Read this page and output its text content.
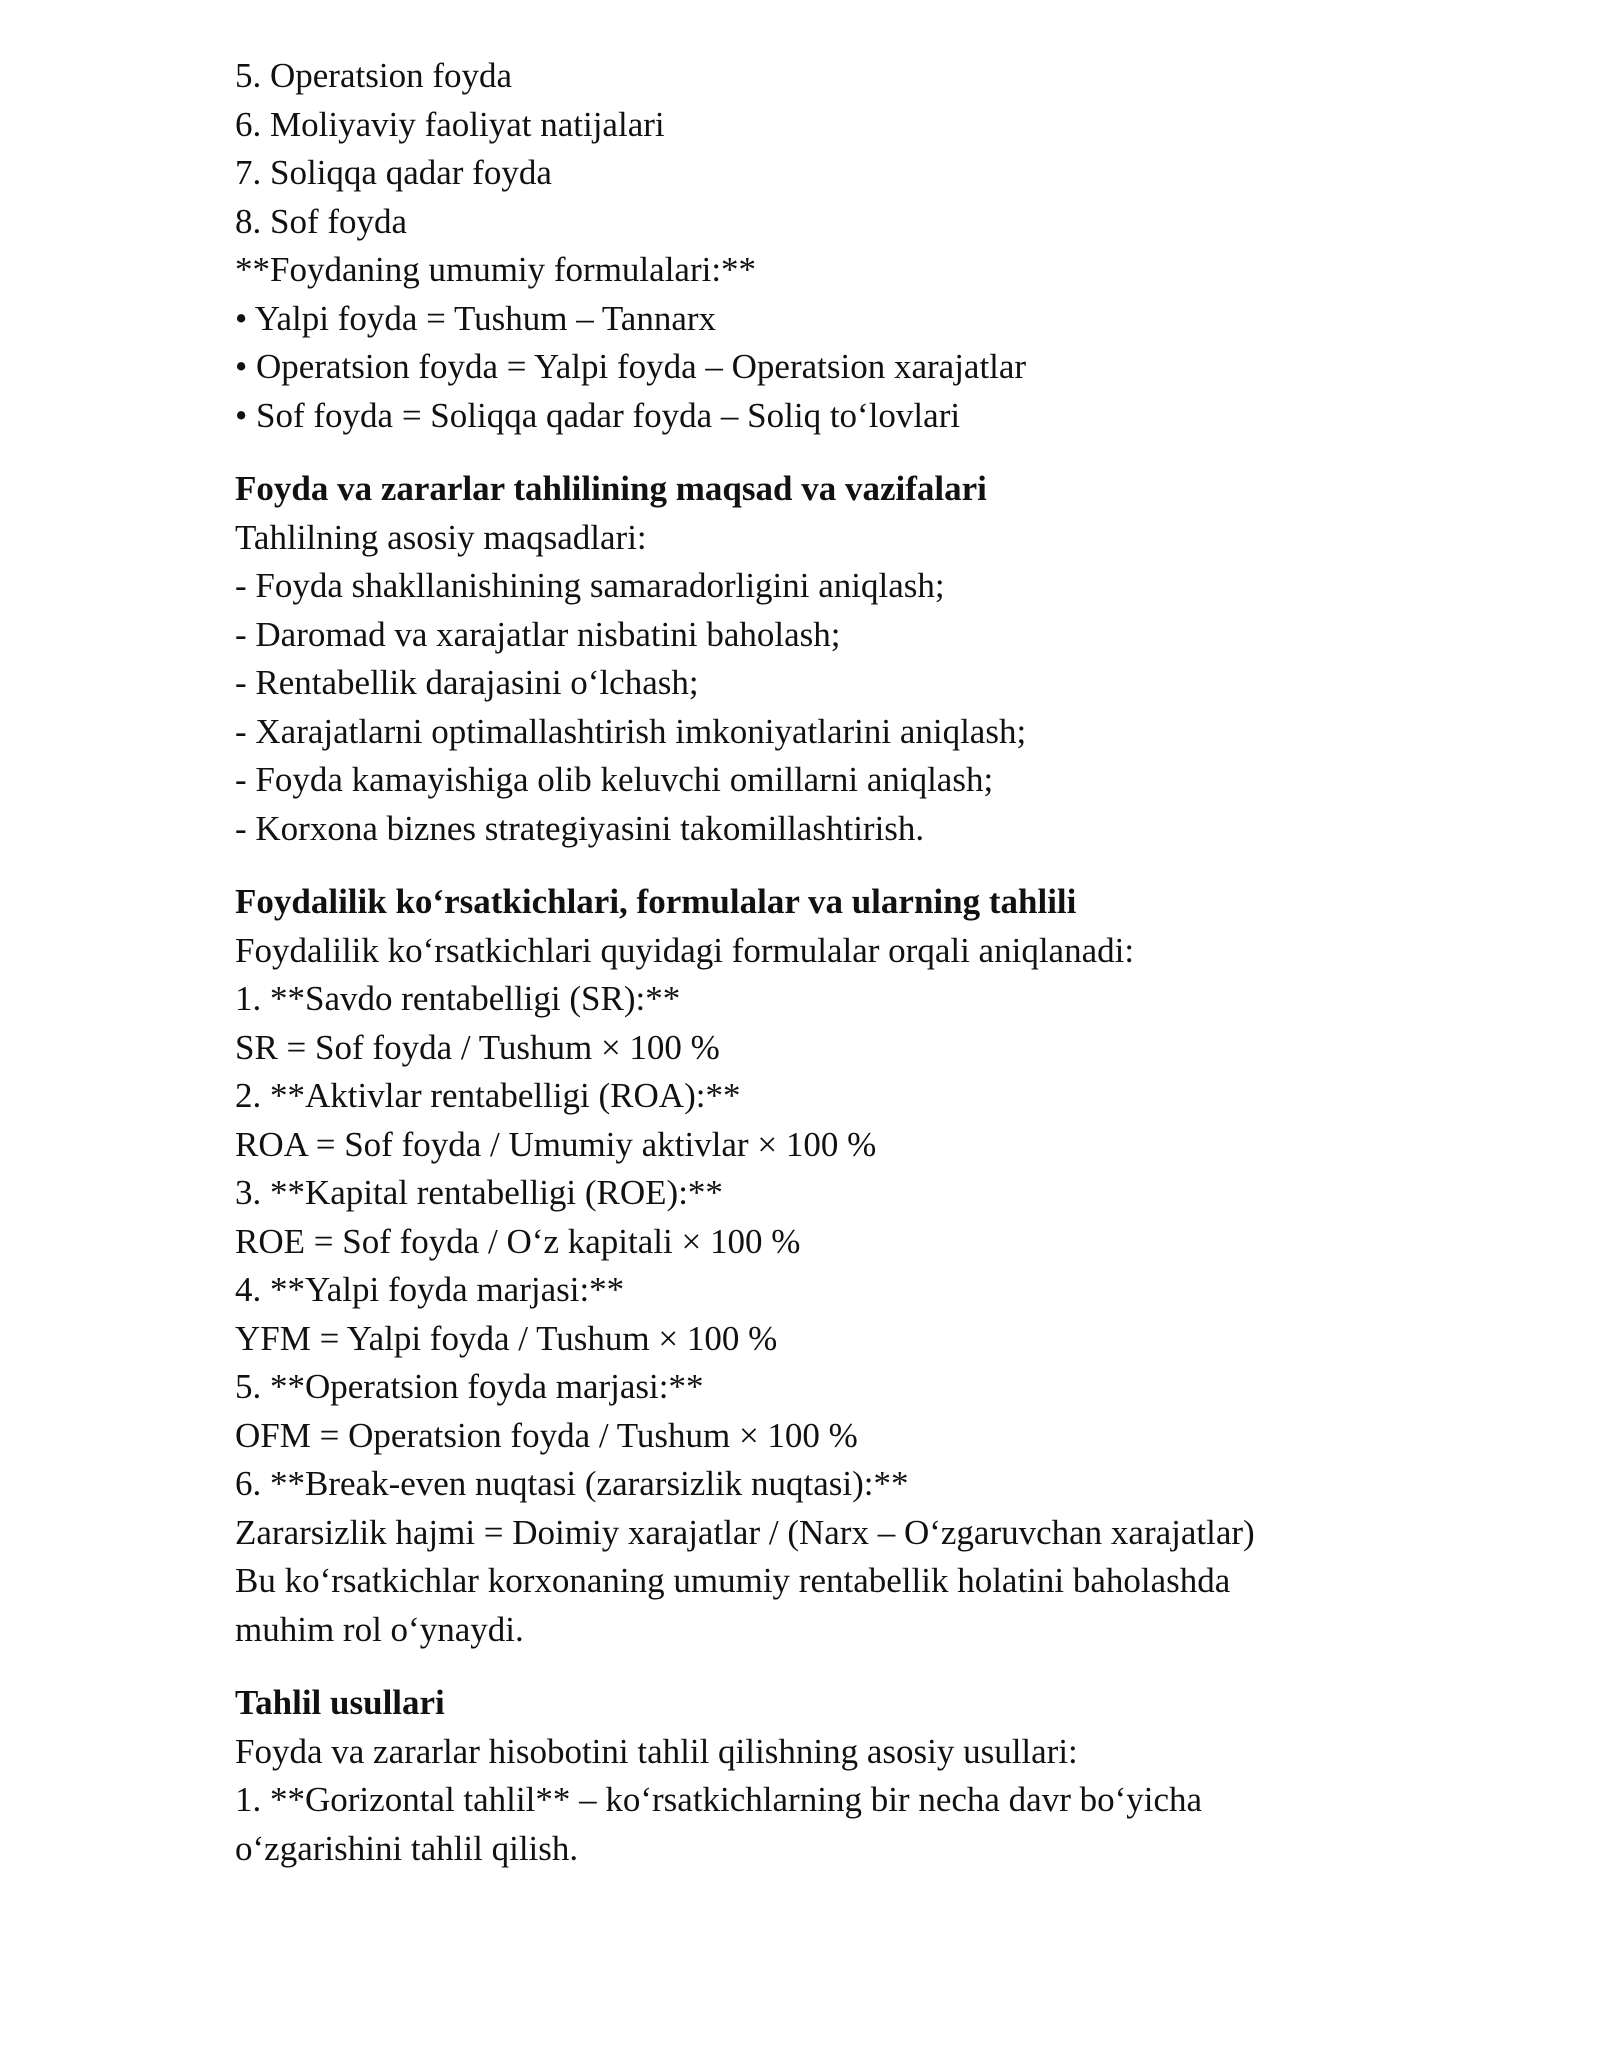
5. Operatsion foyda

6. Moliyaviy faoliyat natijalari

7. Soliqqa qadar foyda

8. Sof foyda

**Foydaning umumiy formulalari:**

• Yalpi foyda = Tushum – Tannarx

• Operatsion foyda = Yalpi foyda – Operatsion xarajatlar

• Sof foyda = Soliqqa qadar foyda – Soliq to‘lovlari

Foyda va zararlar tahlilining maqsad va vazifalari

Tahlilning asosiy maqsadlari:

- Foyda shakllanishining samaradorligini aniqlash;

- Daromad va xarajatlar nisbatini baholash;

- Rentabellik darajasini o‘lchash;

- Xarajatlarni optimallashtirish imkoniyatlarini aniqlash;

- Foyda kamayishiga olib keluvchi omillarni aniqlash;

- Korxona biznes strategiyasini takomillashtirish.

Foydalilik ko‘rsatkichlari, formulalar va ularning tahlili

Foydalilik ko‘rsatkichlari quyidagi formulalar orqali aniqlanadi:

1. **Savdo rentabelligi (SR):**

SR = Sof foyda / Tushum × 100 %

2. **Aktivlar rentabelligi (ROA):**

ROA = Sof foyda / Umumiy aktivlar × 100 %

3. **Kapital rentabelligi (ROE):**

ROE = Sof foyda / O‘z kapitali × 100 %

4. **Yalpi foyda marjasi:**

YFM = Yalpi foyda / Tushum × 100 %

5. **Operatsion foyda marjasi:**

OFM = Operatsion foyda / Tushum × 100 %

6. **Break-even nuqtasi (zararsizlik nuqtasi):**

Zararsizlik hajmi = Doimiy xarajatlar / (Narx – O‘zgaruvchan xarajatlar)

Bu ko‘rsatkichlar korxonaning umumiy rentabellik holatini baholashda

muhim rol o‘ynaydi.

Tahlil usullari

Foyda va zararlar hisobotini tahlil qilishning asosiy usullari:

1. **Gorizontal tahlil** – ko‘rsatkichlarning bir necha davr bo‘yicha

o‘zgarishini tahlil qilish.
